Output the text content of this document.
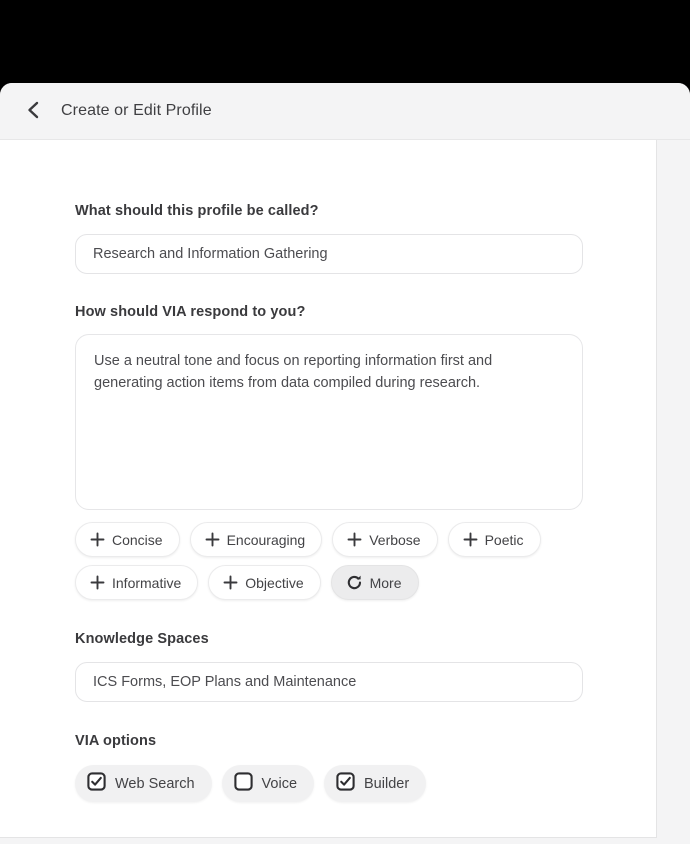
Create or Edit Profile
What should this profile be called?
Research and Information Gathering
How should VIA respond to you?
Use a neutral tone and focus on reporting information first and generating action items from data compiled during research.
Concise	Encouraging	Verbose	Poetic
Informative	Objective	More
Knowledge Spaces
ICS Forms, EOP Plans and Maintenance
VIA options
Web Search	Voice	Builder
